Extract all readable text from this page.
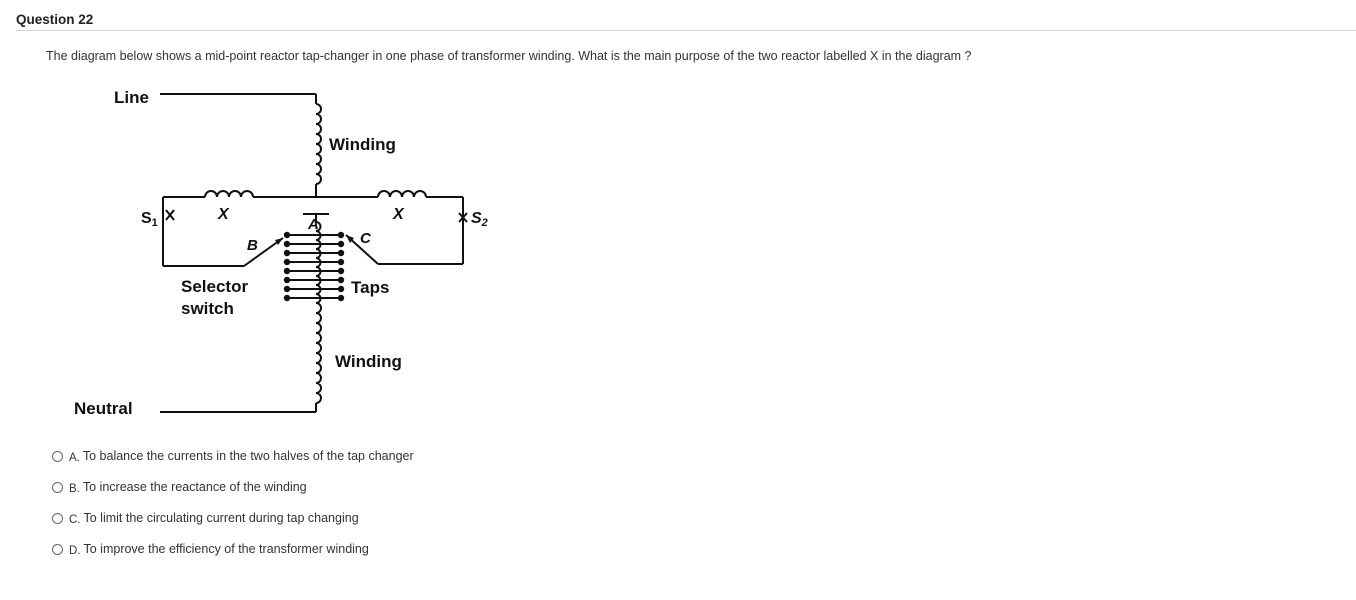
Question 22
The diagram below shows a mid-point reactor tap-changer in one phase of transformer winding. What is the main purpose of the two reactor labelled X in the diagram ?
Line
Neutral
Winding
Winding
S1	S2
X	X
A
B	C
Selector
switch
Taps
A. To balance the currents in the two halves of the tap changer
B. To increase the reactance of the winding
C. To limit the circulating current during tap changing
D. To improve the efficiency of the transformer winding
